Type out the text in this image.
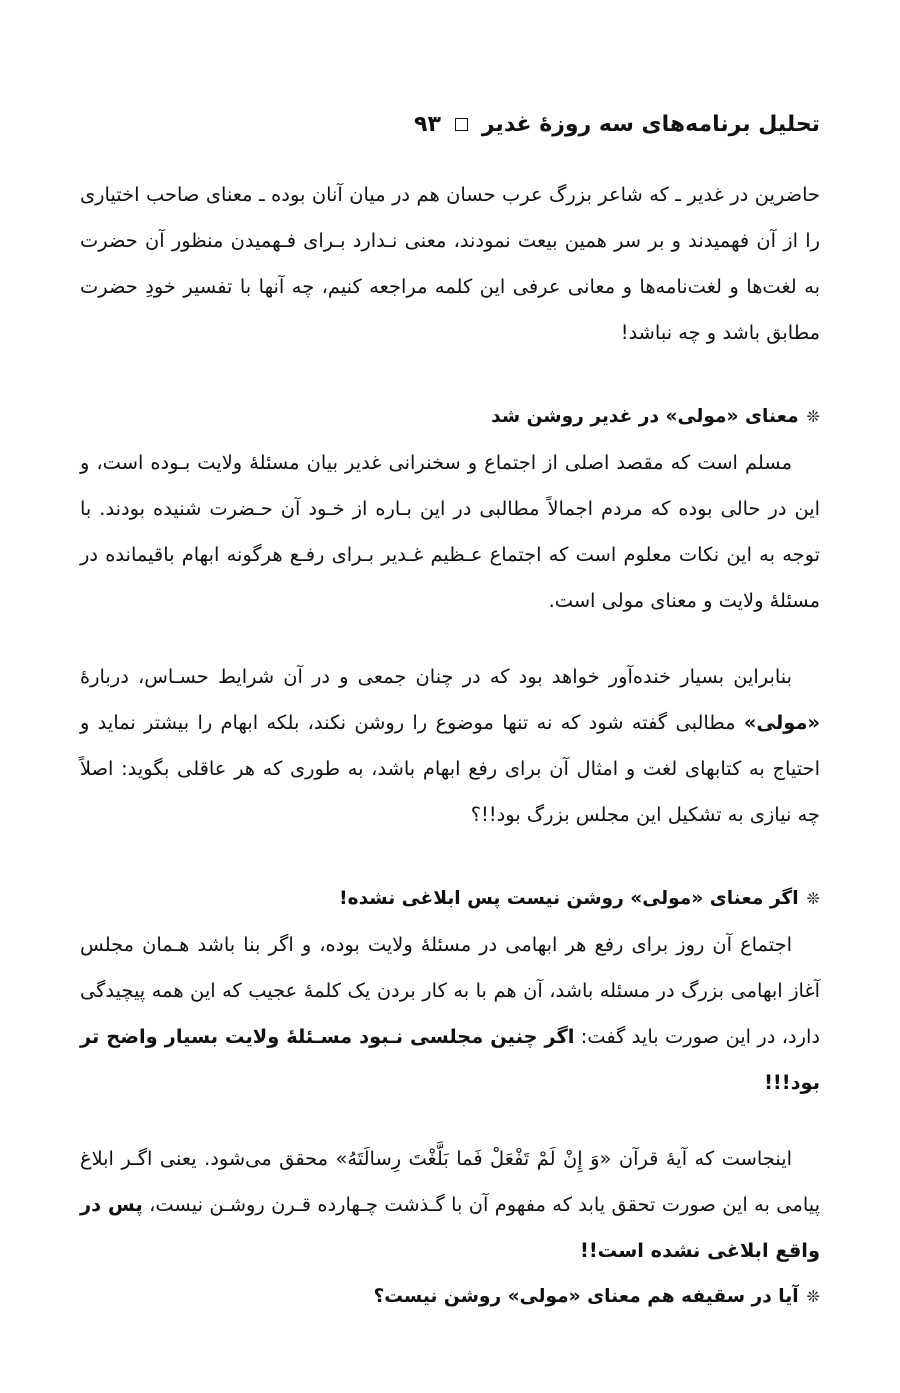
تحلیل برنامه‌های سه روزهٔ غدیر
۹۳

حاضرین در غدیر ـ که شاعر بزرگ عرب حسان هم در میان آنان بوده ـ معنای صاحب اختیاری را از آن فهمیدند و بر سر همین بیعت نمودند، معنی نـدارد بـرای فـهمیدن منظور آن حضرت به لغت‌ها و لغت‌نامه‌ها و معانی عرفی این کلمه مراجعه کنیم، چه آنها با تفسیر خودِ حضرت مطابق باشد و چه نباشد!

❊معنای «مولی» در غدیر روشن شد

مسلم است که مقصد اصلی از اجتماع و سخنرانی غدیر بیان مسئلهٔ ولایت بـوده است، و این در حالی بوده که مردم اجمالاً مطالبی در این بـاره از خـود آن حـضرت شنیده بودند. با توجه به این نکات معلوم است که اجتماع عـظیم غـدیر بـرای رفـع هرگونه ابهام باقیمانده در مسئلهٔ ولایت و معنای مولی است.

بنابراین بسیار خنده‌آور خواهد بود که در چنان جمعی و در آن شرایط حسـاس، دربارهٔ «مولی» مطالبی گفته شود که نه تنها موضوع را روشن نکند، بلکه ابهام را بیشتر نماید و احتیاج به کتابهای لغت و امثال آن برای رفع ابهام باشد، به طوری که هر عاقلی بگوید: اصلاً چه نیازی به تشکیل این مجلس بزرگ بود!!؟

❊اگر معنای «مولی» روشن نیست پس ابلاغی نشده!

اجتماع آن روز برای رفع هر ابهامی در مسئلهٔ ولایت بوده، و اگر بنا باشد هـمان مجلس آغاز ابهامی بزرگ در مسئله باشد، آن هم با به کار بردن یک کلمهٔ عجیب که این همه پیچیدگی دارد، در این صورت باید گفت: اگر چنین مجلسی نـبود مسـئلهٔ ولایت بسیار واضح تر بود!!!

اینجاست که آیهٔ قرآن «وَ إِنْ لَمْ تَفْعَلْ فَما بَلَّغْتَ رِسالَتَهُ» محقق می‌شود. یعنی اگـر ابلاغ پیامی به این صورت تحقق یابد که مفهوم آن با گـذشت چـهارده قـرن روشـن نیست، پس در واقع ابلاغی نشده است!!

❊آیا در سقیفه هم معنای «مولی» روشن نیست؟
